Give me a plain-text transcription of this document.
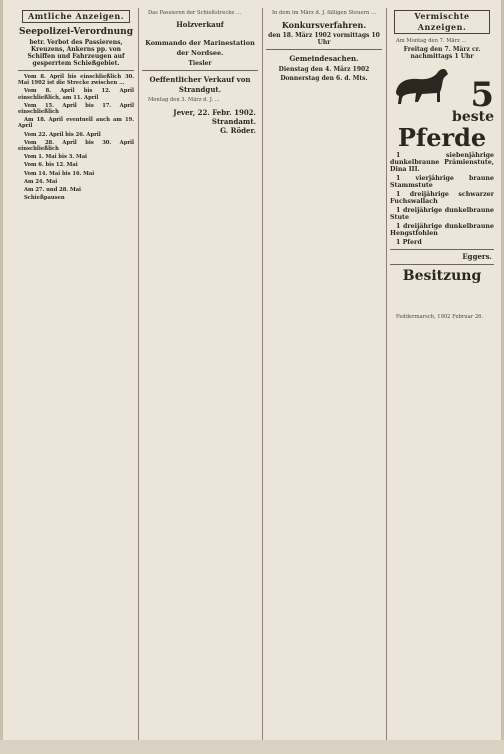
Amtliche Anzeigen.
Seepolizei-Verordnung
betr. Verbot des Passierens, Kreuzens, Ankerns pp. von Schiffen und Fahrzeugen auf gesperrtem Schießgebiet.
Vom 8. April bis einschließlich 30. Mai 1902 ist die Strecke zwischen ...
Vom 8. April bis 12. April einschließlich, am 11. April
Vom 15. April bis 17. April einschließlich
Am 18. April eventuell auch am 19. April
Vom 22. April bis 26. April
Vom 28. April bis 30. April einschließlich
Vom 1. Mai bis 3. Mai
Vom 6. bis 12. Mai
Vom 14. Mai bis 16. Mai
Am 24. Mai
Am 27. und 28. Mai
Schießpausen
Das Passieren der Schießstrecke ...
Holzverkauf
Kommando der Marinestation der Nordsee.
Tiesler
Oeffentlicher Verkauf von Strandgut.
Montag den 3. März d. J. ...
Jever, 22. Febr. 1902.
Strandamt.
G. Röder.
In dem im März d. J. fälligen Steuern ...
Konkursverfahren.
den 18. März 1902 vormittags 10 Uhr
Gemeindesachen.
Dienstag den 4. März 1902
Donnerstag den 6. d. Mts.
Vermischte Anzeigen.
Am Montag den 7. März ...
Freitag den 7. März cr. nachmittags 1 Uhr
5
beste
Pferde
1 siebenjährige dunkelbraune Prämienstute, Dina III.
1 vierjährige braune Stammstute
1 dreijährige schwarzer Fuchswallach
1 dreijährige dunkelbraune Stute
1 dreijährige dunkelbraune Hengstfohlen
1 Pferd
Eggers.
Besitzung
Feddermarsch, 1902 Februar 26.
